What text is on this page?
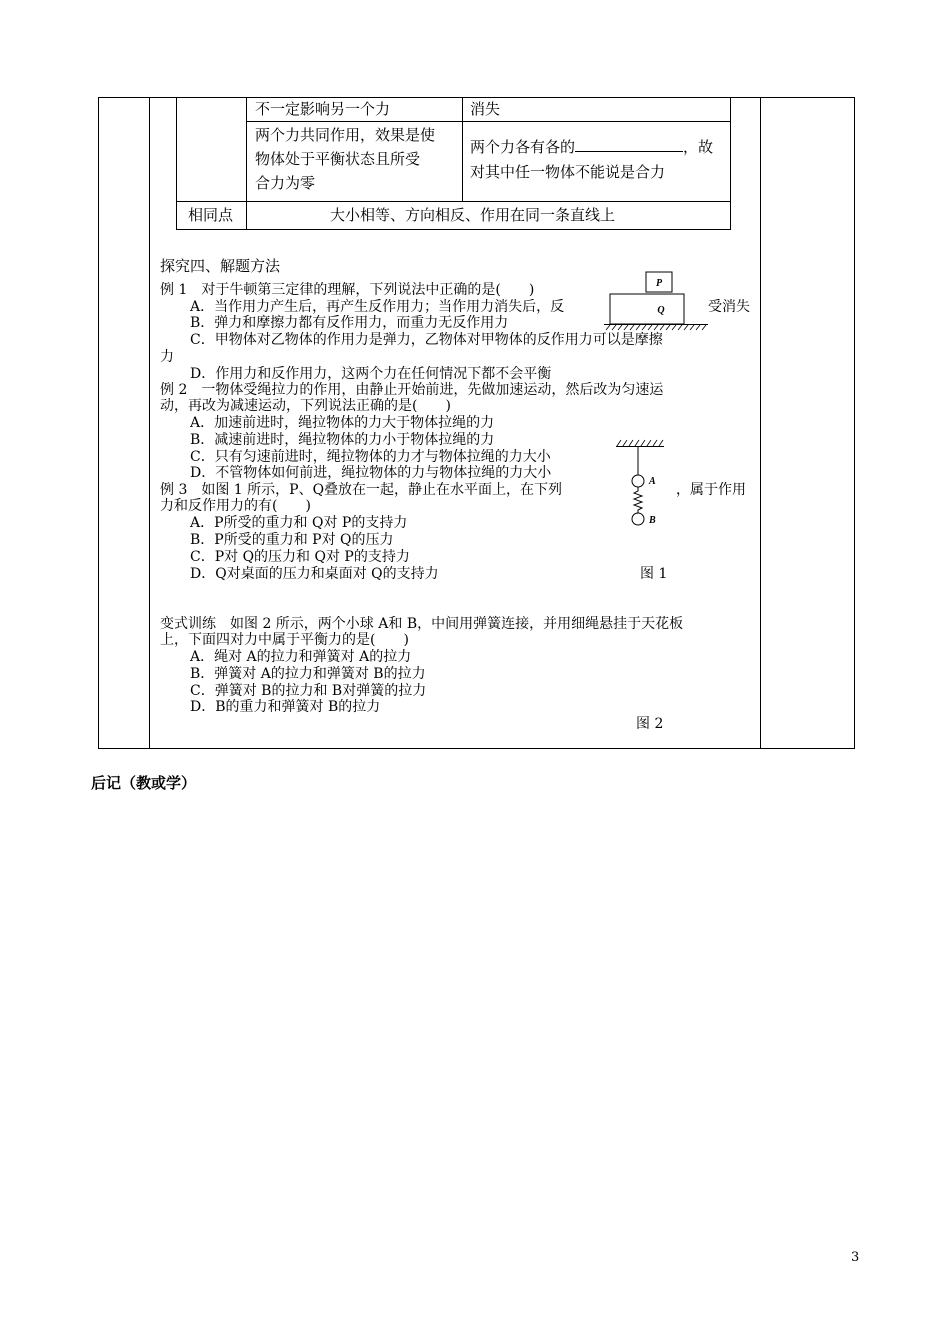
不一定影响另一个力	消失
两个力共同作用，效果是使
物体处于平衡状态且所受
合力为零
两个力各有各的	，故
对其中任一物体不能说是合力
相同点	大小相等、方向相反、作用在同一条直线上
探究四、解题方法
例 1　对于牛顿第三定律的理解，下列说法中正确的是(　　)
A．当作用力产生后，再产生反作用力；当作用力消失后，反
B．弹力和摩擦力都有反作用力，而重力无反作用力
C．甲物体对乙物体的作用力是弹力，乙物体对甲物体的反作用力可以是摩擦
力
D．作用力和反作用力，这两个力在任何情况下都不会平衡
例 2　一物体受绳拉力的作用，由静止开始前进，先做加速运动，然后改为匀速运
动，再改为减速运动，下列说法正确的是(　　)
A．加速前进时，绳拉物体的力大于物体拉绳的力
B．减速前进时，绳拉物体的力小于物体拉绳的力
C．只有匀速前进时，绳拉物体的力才与物体拉绳的力大小
D．不管物体如何前进，绳拉物体的力与物体拉绳的力大小
例 3　如图 1 所示，P、Q叠放在一起，静止在水平面上，在下列
力和反作用力的有(　　)
A．P所受的重力和 Q对 P的支持力
B．P所受的重力和 P对 Q的压力
C．P对 Q的压力和 Q对 P的支持力
D．Q对桌面的压力和桌面对 Q的支持力
变式训练　如图 2 所示，两个小球 A和 B，中间用弹簧连接，并用细绳悬挂于天花板
上，下面四对力中属于平衡力的是(　　)
A．绳对 A的拉力和弹簧对 A的拉力
B．弹簧对 A的拉力和弹簧对 B的拉力
C．弹簧对 B的拉力和 B对弹簧的拉力
D．B的重力和弹簧对 B的拉力
P
Q	受消失
A
B
，属于作用
图 1
图 2
后记（教或学）
3
